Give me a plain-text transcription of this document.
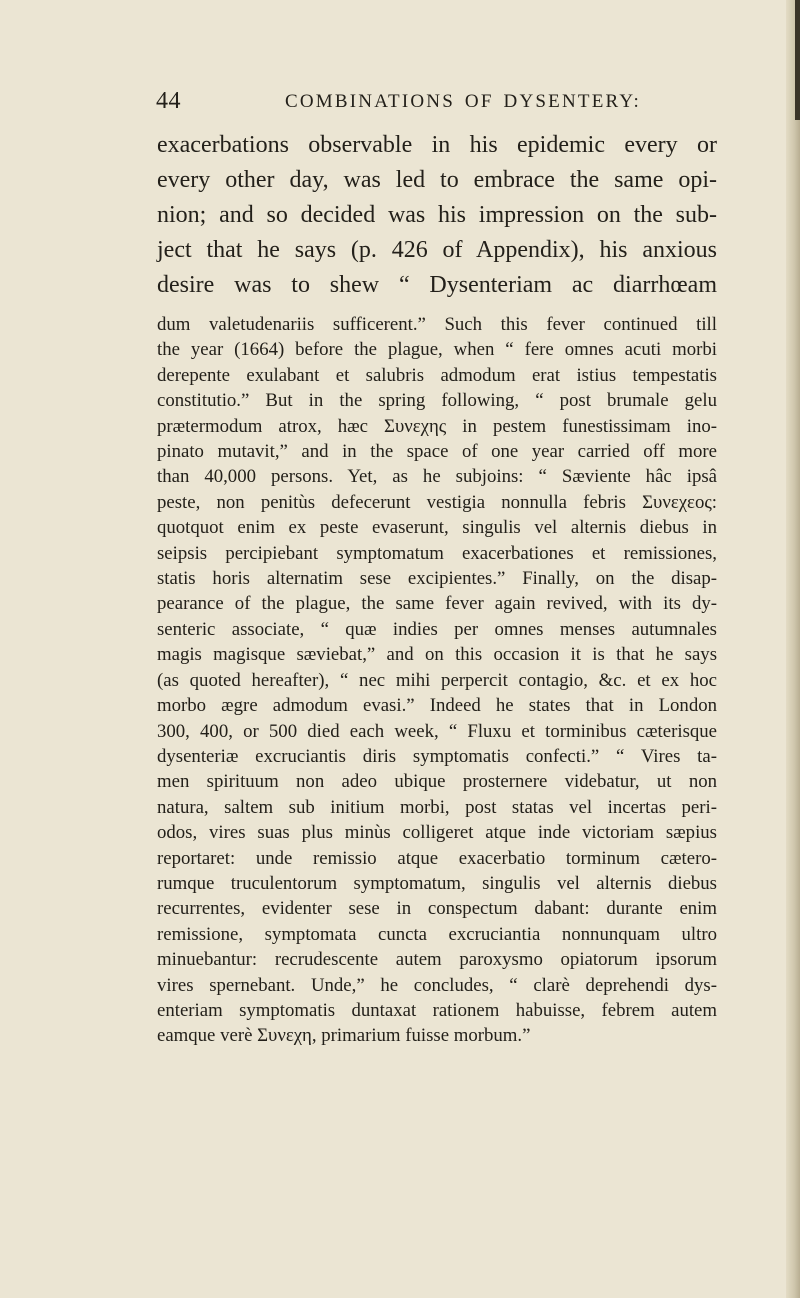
44	COMBINATIONS OF DYSENTERY:
exacerbations observable in his epidemic every or
every other day, was led to embrace the same opi-
nion; and so decided was his impression on the sub-
ject that he says (p. 426 of Appendix), his anxious
desire was to shew “ Dysenteriam ac diarrhœam
dum valetudenariis sufficerent.” Such this fever continued till
the year (1664) before the plague, when “ fere omnes acuti morbi
derepente exulabant et salubris admodum erat istius tempestatis
constitutio.” But in the spring following, “ post brumale gelu
prætermodum atrox, hæc Συνεχης in pestem funestissimam ino-
pinato mutavit,” and in the space of one year carried off more
than 40,000 persons. Yet, as he subjoins: “ Sæviente hâc ipsâ
peste, non penitùs defecerunt vestigia nonnulla febris Συνεχεος:
quotquot enim ex peste evaserunt, singulis vel alternis diebus in
seipsis percipiebant symptomatum exacerbationes et remissiones,
statis horis alternatim sese excipientes.” Finally, on the disap-
pearance of the plague, the same fever again revived, with its dy-
senteric associate, “ quæ indies per omnes menses autumnales
magis magisque sæviebat,” and on this occasion it is that he says
(as quoted hereafter), “ nec mihi perpercit contagio, &c. et ex hoc
morbo ægre admodum evasi.” Indeed he states that in London
300, 400, or 500 died each week, “ Fluxu et torminibus cæterisque
dysenteriæ excruciantis diris symptomatis confecti.” “ Vires ta-
men spirituum non adeo ubique prosternere videbatur, ut non
natura, saltem sub initium morbi, post statas vel incertas peri-
odos, vires suas plus minùs colligeret atque inde victoriam sæpius
reportaret: unde remissio atque exacerbatio torminum cætero-
rumque truculentorum symptomatum, singulis vel alternis diebus
recurrentes, evidenter sese in conspectum dabant: durante enim
remissione, symptomata cuncta excruciantia nonnunquam ultro
minuebantur: recrudescente autem paroxysmo opiatorum ipsorum
vires spernebant. Unde,” he concludes, “ clarè deprehendi dys-
enteriam symptomatis duntaxat rationem habuisse, febrem autem
eamque verè Συνεχη, primarium fuisse morbum.”
